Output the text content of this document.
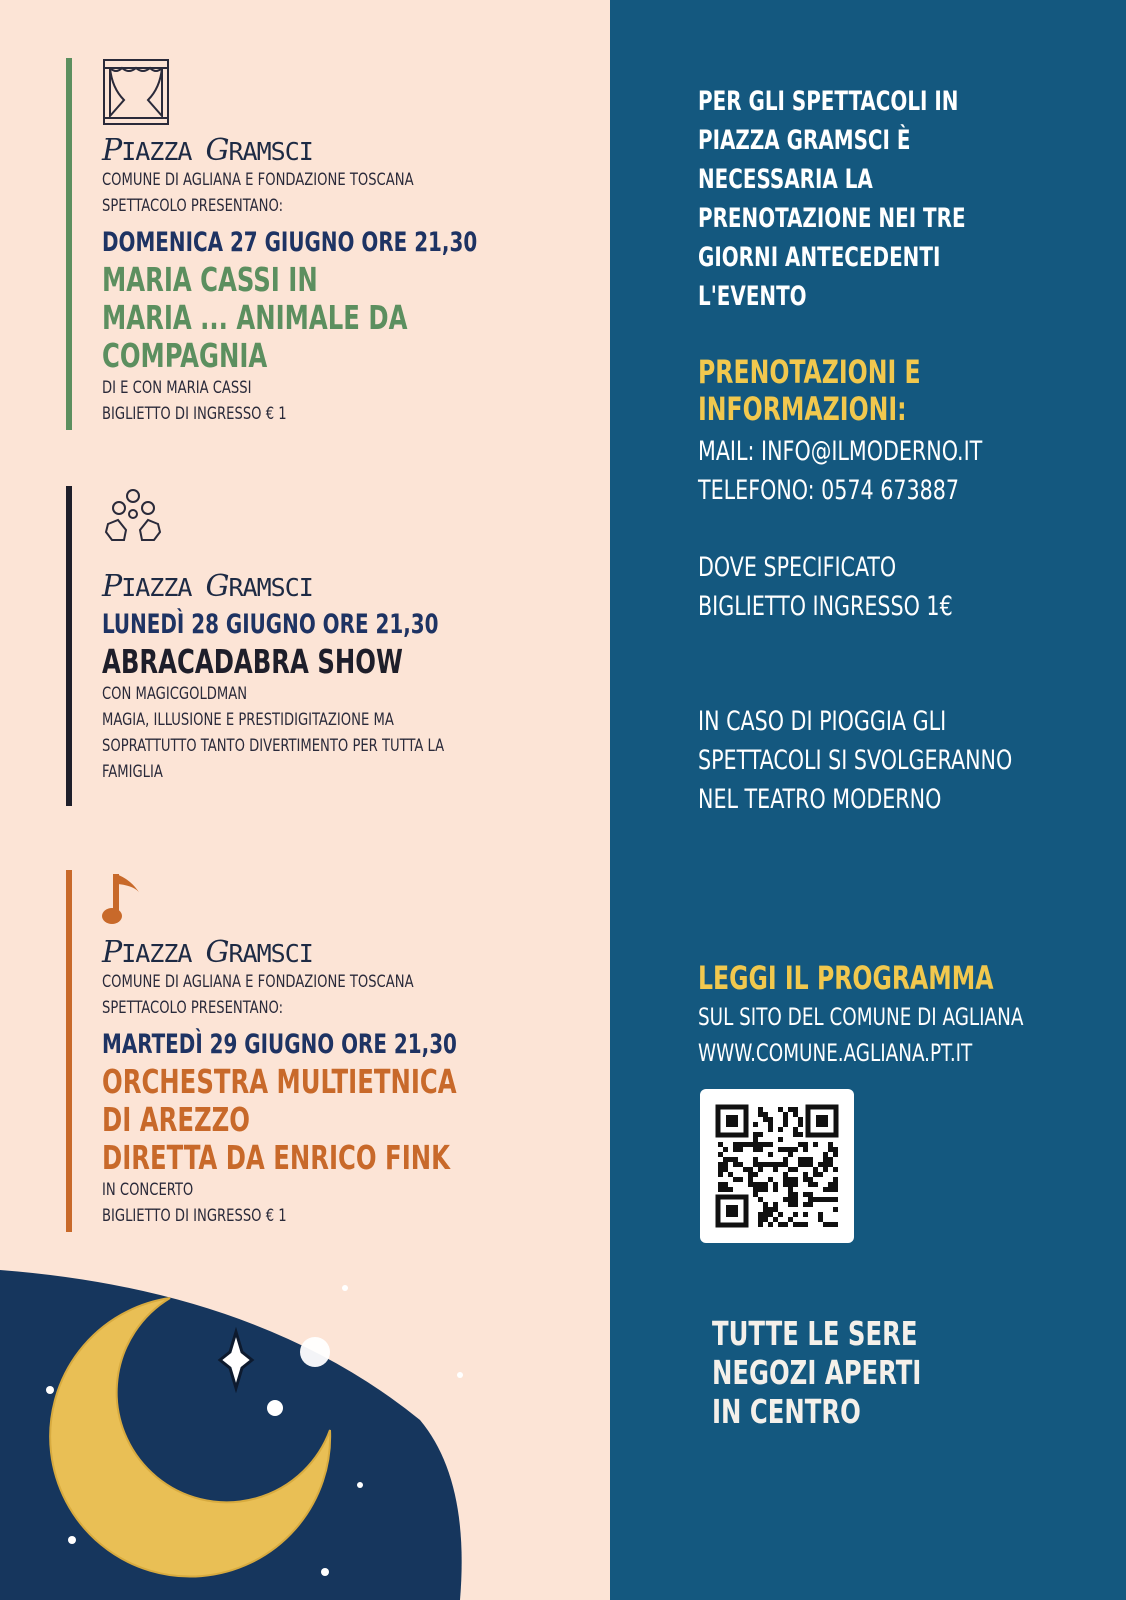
PIAZZA GRAMSCI
COMUNE DI AGLIANA E FONDAZIONE TOSCANA
SPETTACOLO PRESENTANO:
DOMENICA 27 GIUGNO ORE 21,30
MARIA CASSI IN
MARIA ... ANIMALE DA
COMPAGNIA
DI E CON MARIA CASSI
BIGLIETTO DI INGRESSO € 1
PIAZZA GRAMSCI
LUNEDÌ 28 GIUGNO ORE 21,30
ABRACADABRA SHOW
CON MAGICGOLDMAN
MAGIA, ILLUSIONE E PRESTIDIGITAZIONE MA
SOPRATTUTTO TANTO DIVERTIMENTO PER TUTTA LA
FAMIGLIA
PIAZZA GRAMSCI
COMUNE DI AGLIANA E FONDAZIONE TOSCANA
SPETTACOLO PRESENTANO:
MARTEDÌ 29 GIUGNO ORE 21,30
ORCHESTRA MULTIETNICA
DI AREZZO
DIRETTA DA ENRICO FINK
IN CONCERTO
BIGLIETTO DI INGRESSO € 1
PER GLI SPETTACOLI IN
PIAZZA GRAMSCI È
NECESSARIA LA
PRENOTAZIONE NEI TRE
GIORNI ANTECEDENTI
L'EVENTO
PRENOTAZIONI E
INFORMAZIONI:
MAIL: INFO@ILMODERNO.IT
TELEFONO: 0574 673887
DOVE SPECIFICATO
BIGLIETTO INGRESSO 1€
IN CASO DI PIOGGIA GLI
SPETTACOLI SI SVOLGERANNO
NEL TEATRO MODERNO
LEGGI IL PROGRAMMA
SUL SITO DEL COMUNE DI AGLIANA
WWW.COMUNE.AGLIANA.PT.IT
TUTTE LE SERE
NEGOZI APERTI
IN CENTRO
